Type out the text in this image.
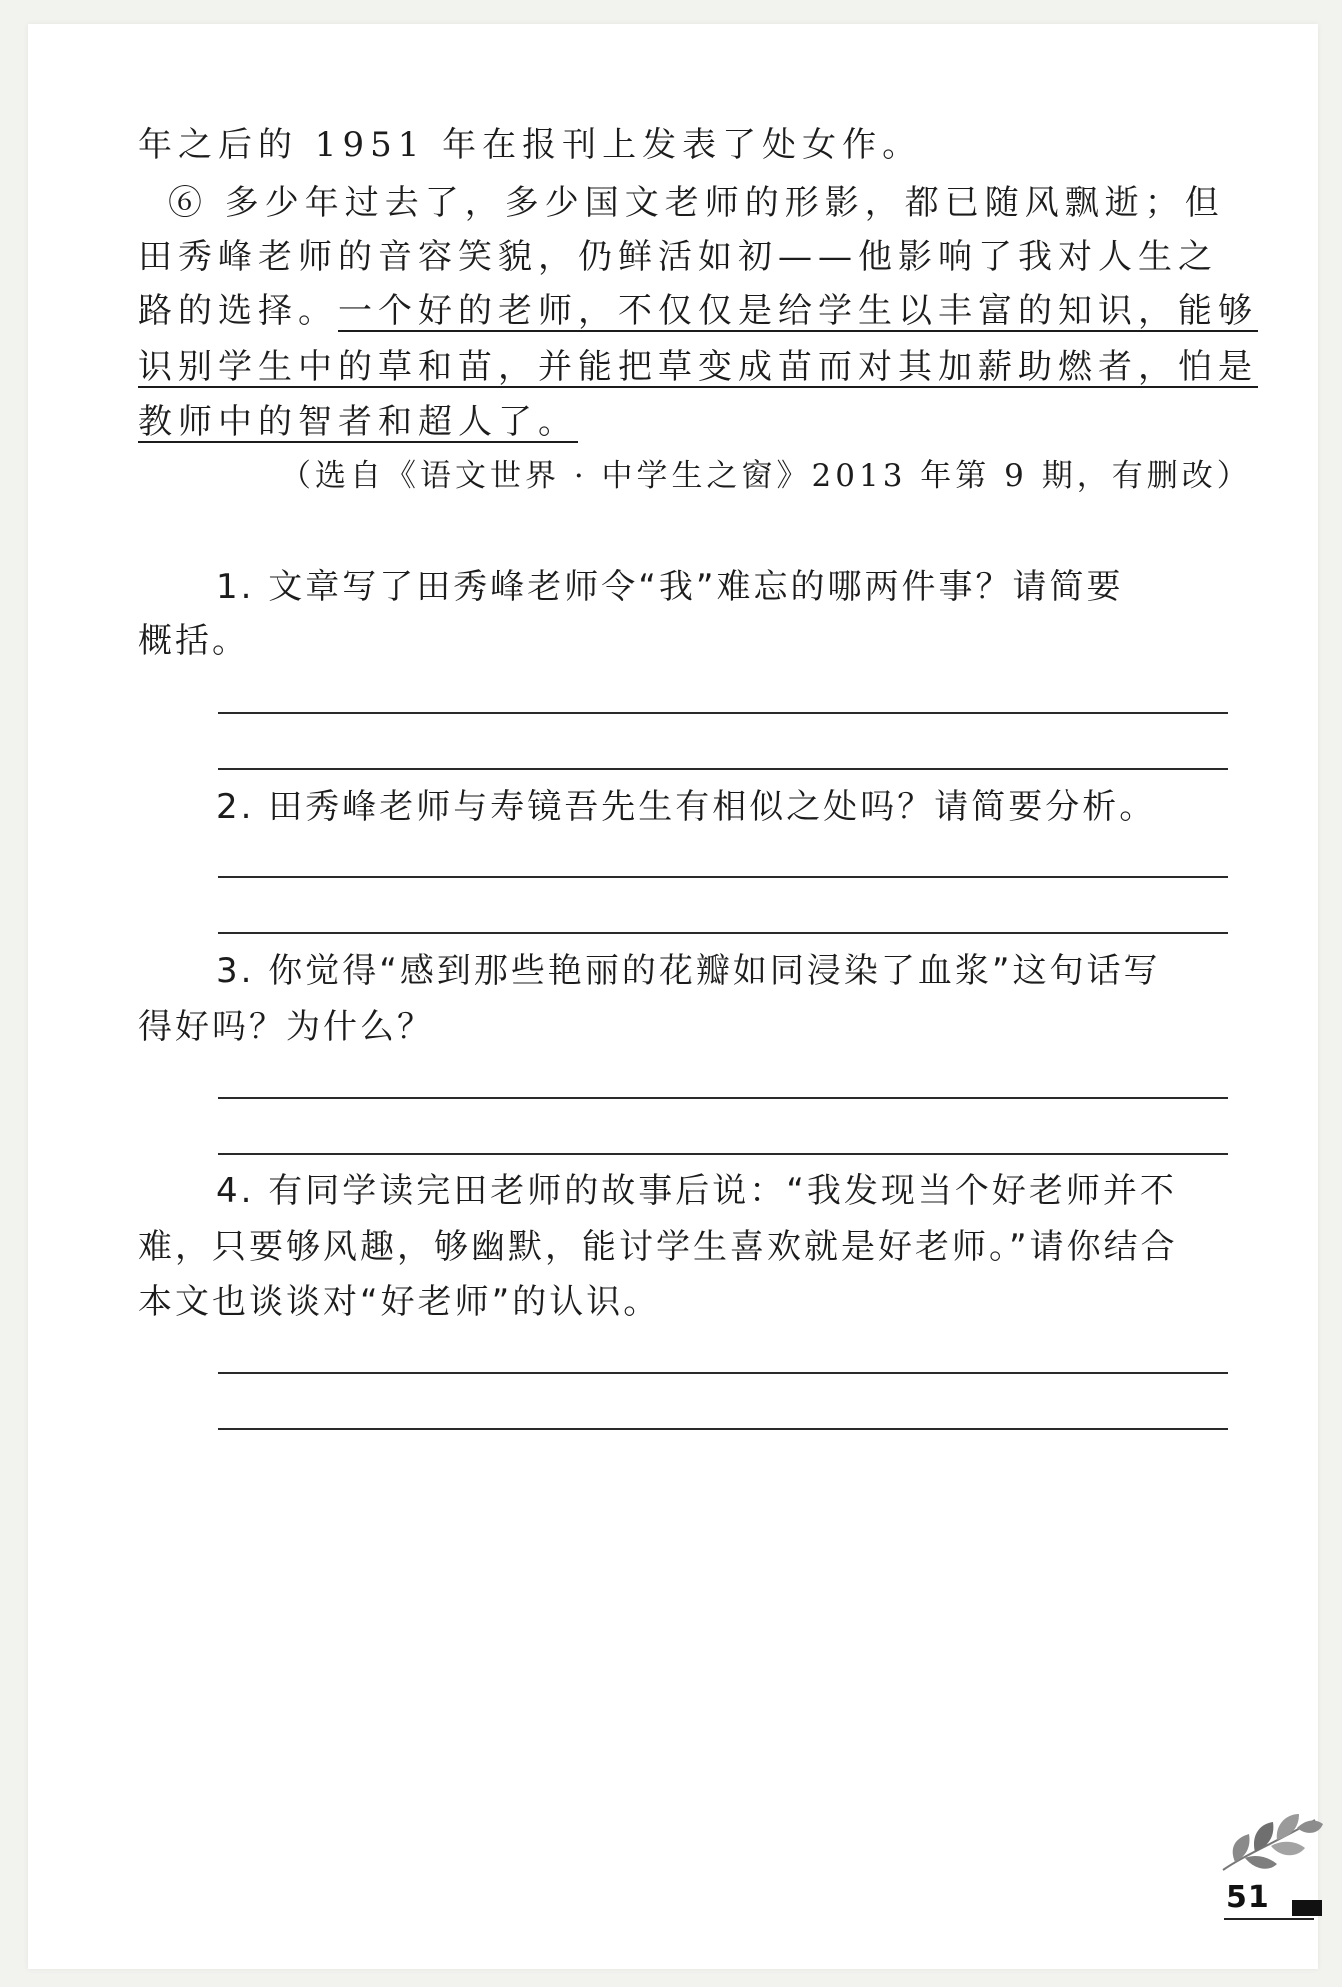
年之后的 1951 年在报刊上发表了处女作。
⑥ 多少年过去了，多少国文老师的形影，都已随风飘逝；但
田秀峰老师的音容笑貌，仍鲜活如初——他影响了我对人生之
路的选择。一个好的老师，不仅仅是给学生以丰富的知识，能够
识别学生中的草和苗，并能把草变成苗而对其加薪助燃者，怕是
教师中的智者和超人了。
（选自《语文世界 · 中学生之窗》2013 年第 9 期，有删改）
1. 文章写了田秀峰老师令“我”难忘的哪两件事？请简要
概括。
2. 田秀峰老师与寿镜吾先生有相似之处吗？请简要分析。
3. 你觉得“感到那些艳丽的花瓣如同浸染了血浆”这句话写
得好吗？为什么？
4. 有同学读完田老师的故事后说：“我发现当个好老师并不
难，只要够风趣，够幽默，能讨学生喜欢就是好老师。”请你结合
本文也谈谈对“好老师”的认识。
51
